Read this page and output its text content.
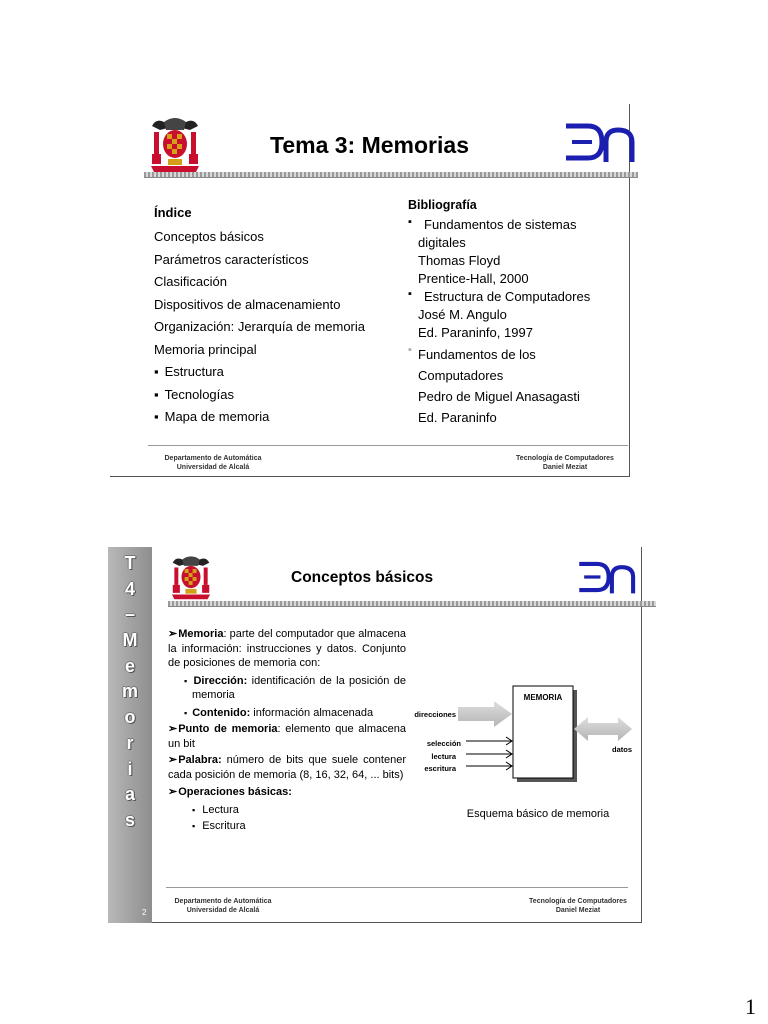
Tema 3: Memorias
Índice
Conceptos básicos
Parámetros característicos
Clasificación
Dispositivos de almacenamiento
Organización: Jerarquía de memoria
Memoria principal
▪ Estructura
▪ Tecnologías
▪ Mapa de memoria
Bibliografía
▪ Fundamentos de sistemas
digitales
Thomas Floyd
Prentice-Hall, 2000
▪ Estructura de Computadores
José M. Angulo
Ed. Paraninfo, 1997
▪ Fundamentos de los
Computadores
Pedro de Miguel Anasagasti
Ed. Paraninfo
Departamento de Automática
Universidad de Alcalá
Tecnología de Computadores
Daniel Meziat
T
4
–
M
e
m
o
r
i
a
s
2
Conceptos básicos

➢Memoria: parte del computador que almacena la información: instrucciones y datos. Conjunto de posiciones de memoria con:

▪ Dirección: identificación de la posición de memoria

▪ Contenido: información almacenada

➢Punto de memoria: elemento que almacena un bit

➢Palabra: número de bits que suele contener cada posición de memoria (8, 16, 32, 64, ... bits)

➢Operaciones básicas:

▪ Lectura
▪ Escritura
MEMORIA
direcciones
datos
selección
lectura
escritura
Esquema básico de memoria
Departamento de Automática
Universidad de Alcalá
Tecnología de Computadores
Daniel Meziat
1
